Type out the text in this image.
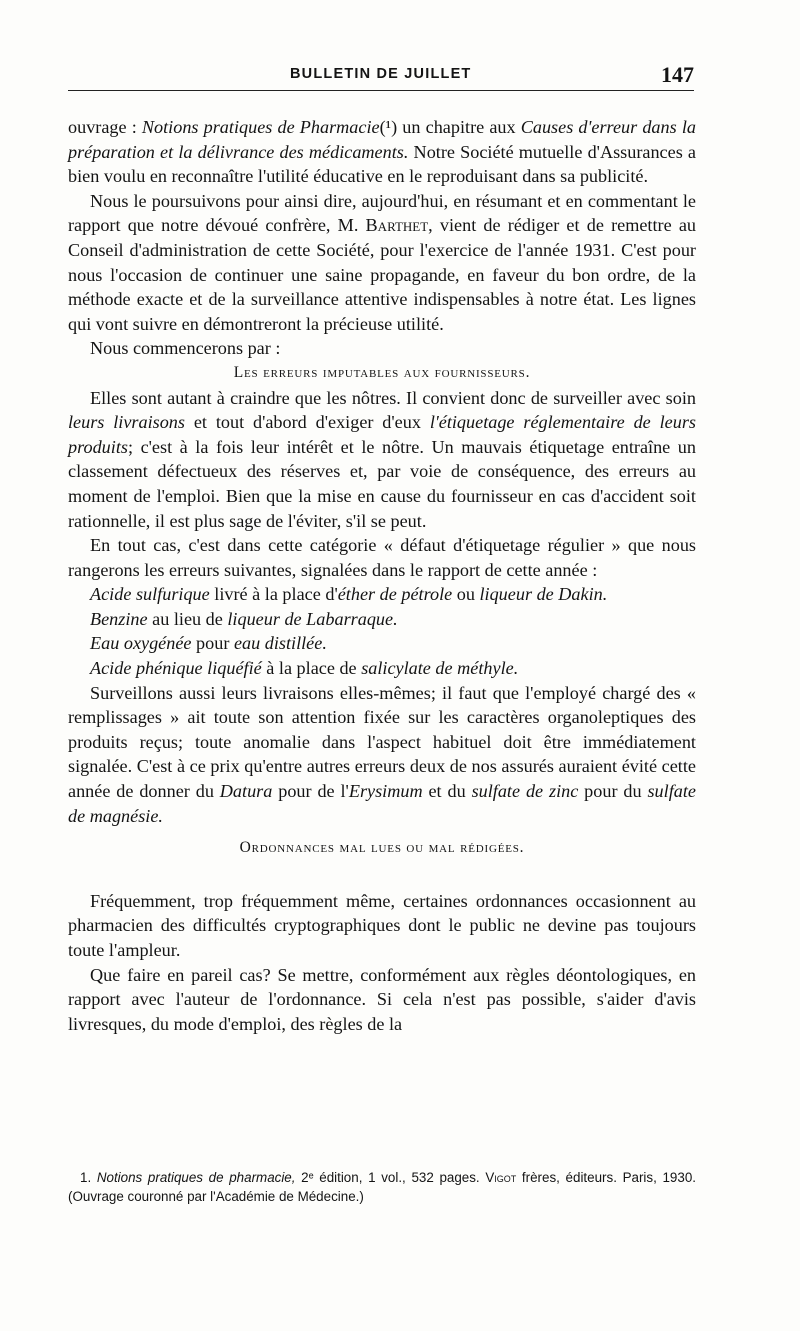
BULLETIN DE JUILLET	147

ouvrage : Notions pratiques de Pharmacie(¹) un chapitre aux Causes d'erreur dans la préparation et la délivrance des médicaments. Notre Société mutuelle d'Assurances a bien voulu en reconnaître l'utilité éducative en le reproduisant dans sa publicité.

Nous le poursuivons pour ainsi dire, aujourd'hui, en résumant et en commentant le rapport que notre dévoué confrère, M. Barthet, vient de rédiger et de remettre au Conseil d'administration de cette Société, pour l'exercice de l'année 1931. C'est pour nous l'occasion de continuer une saine propagande, en faveur du bon ordre, de la méthode exacte et de la surveillance attentive indispensables à notre état. Les lignes qui vont suivre en démontreront la précieuse utilité.

Nous commencerons par :

Les erreurs imputables aux fournisseurs.

Elles sont autant à craindre que les nôtres. Il convient donc de surveiller avec soin leurs livraisons et tout d'abord d'exiger d'eux l'étiquetage réglementaire de leurs produits; c'est à la fois leur intérêt et le nôtre. Un mauvais étiquetage entraîne un classement défectueux des réserves et, par voie de conséquence, des erreurs au moment de l'emploi. Bien que la mise en cause du fournisseur en cas d'accident soit rationnelle, il est plus sage de l'éviter, s'il se peut.

En tout cas, c'est dans cette catégorie « défaut d'étiquetage régulier » que nous rangerons les erreurs suivantes, signalées dans le rapport de cette année :

Acide sulfurique livré à la place d'éther de pétrole ou liqueur de Dakin.
Benzine au lieu de liqueur de Labarraque.
Eau oxygénée pour eau distillée.
Acide phénique liquéfié à la place de salicylate de méthyle.

Surveillons aussi leurs livraisons elles-mêmes; il faut que l'employé chargé des « remplissages » ait toute son attention fixée sur les caractères organoleptiques des produits reçus; toute anomalie dans l'aspect habituel doit être immédiatement signalée. C'est à ce prix qu'entre autres erreurs deux de nos assurés auraient évité cette année de donner du Datura pour de l'Erysimum et du sulfate de zinc pour du sulfate de magnésie.

Ordonnances mal lues ou mal rédigées.

Fréquemment, trop fréquemment même, certaines ordonnances occasionnent au pharmacien des difficultés cryptographiques dont le public ne devine pas toujours toute l'ampleur.

Que faire en pareil cas? Se mettre, conformément aux règles déontologiques, en rapport avec l'auteur de l'ordonnance. Si cela n'est pas possible, s'aider d'avis livresques, du mode d'emploi, des règles de la

1. Notions pratiques de pharmacie, 2ᵉ édition, 1 vol., 532 pages. Vigot frères, éditeurs. Paris, 1930. (Ouvrage couronné par l'Académie de Médecine.)
